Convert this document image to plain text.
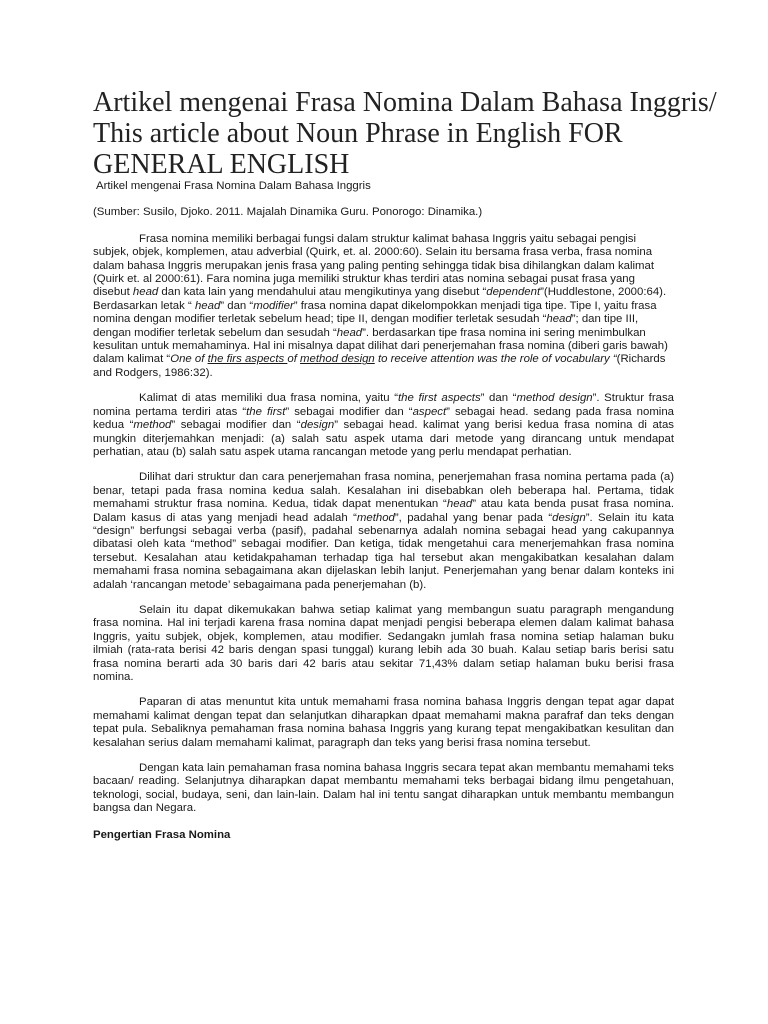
Artikel mengenai Frasa Nomina Dalam Bahasa Inggris/ This article about Noun Phrase in English FOR GENERAL ENGLISH

Artikel mengenai Frasa Nomina Dalam Bahasa Inggris

(Sumber: Susilo, Djoko. 2011. Majalah Dinamika Guru. Ponorogo: Dinamika.)

Frasa nomina memiliki berbagai fungsi dalam struktur kalimat bahasa Inggris yaitu sebagai pengisi subjek, objek, komplemen, atau adverbial (Quirk, et. al. 2000:60). Selain itu bersama frasa verba, frasa nomina dalam bahasa Inggris merupakan jenis frasa yang paling penting sehingga tidak bisa dihilangkan dalam kalimat (Quirk et. al 2000:61). Fara nomina juga memiliki struktur khas terdiri atas nomina sebagai pusat frasa yang disebut head dan kata lain yang mendahului atau mengikutinya yang disebut “dependent”(Huddlestone, 2000:64). Berdasarkan letak “ head” dan “modifier” frasa nomina dapat dikelompokkan menjadi tiga tipe. Tipe I, yaitu frasa nomina dengan modifier terletak sebelum head; tipe II, dengan modifier terletak sesudah “head”; dan tipe III, dengan modifier terletak sebelum dan sesudah “head”. berdasarkan tipe frasa nomina ini sering menimbulkan kesulitan untuk memahaminya. Hal ini misalnya dapat dilihat dari penerjemahan frasa nomina (diberi garis bawah) dalam kalimat “One of the firs aspects of method design to receive attention was the role of vocabulary “(Richards and Rodgers, 1986:32).

Kalimat di atas memiliki dua frasa nomina, yaitu “the first aspects” dan “method design”. Struktur frasa nomina pertama terdiri atas “the first” sebagai modifier dan “aspect” sebagai head. sedang pada frasa nomina kedua “method” sebagai modifier dan “design” sebagai head. kalimat yang berisi kedua frasa nomina di atas mungkin diterjemahkan menjadi: (a) salah satu aspek utama dari metode yang dirancang untuk mendapat perhatian, atau (b) salah satu aspek utama rancangan metode yang perlu mendapat perhatian.

Dilihat dari struktur dan cara penerjemahan frasa nomina, penerjemahan frasa nomina pertama pada (a) benar, tetapi pada frasa nomina kedua salah. Kesalahan ini disebabkan oleh beberapa hal. Pertama, tidak memahami struktur frasa nomina. Kedua, tidak dapat menentukan “head” atau kata benda pusat frasa nomina. Dalam kasus di atas yang menjadi head adalah “method”, padahal yang benar pada “design”. Selain itu kata “design” berfungsi sebagai verba (pasif), padahal sebenarnya adalah nomina sebagai head yang cakupannya dibatasi oleh kata “method” sebagai modifier. Dan ketiga, tidak mengetahui cara menerjemahkan frasa nomina tersebut. Kesalahan atau ketidakpahaman terhadap tiga hal tersebut akan mengakibatkan kesalahan dalam memahami frasa nomina sebagaimana akan dijelaskan lebih lanjut. Penerjemahan yang benar dalam konteks ini adalah ‘rancangan metode’ sebagaimana pada penerjemahan (b).

Selain itu dapat dikemukakan bahwa setiap kalimat yang membangun suatu paragraph mengandung frasa nomina. Hal ini terjadi karena frasa nomina dapat menjadi pengisi beberapa elemen dalam kalimat bahasa Inggris, yaitu subjek, objek, komplemen, atau modifier. Sedangakn jumlah frasa nomina setiap halaman buku ilmiah (rata-rata berisi 42 baris dengan spasi tunggal) kurang lebih ada 30 buah. Kalau setiap baris berisi satu frasa nomina berarti ada 30 baris dari 42 baris atau sekitar 71,43% dalam setiap halaman buku berisi frasa nomina.

Paparan di atas menuntut kita untuk memahami frasa nomina bahasa Inggris dengan tepat agar dapat memahami kalimat dengan tepat dan selanjutkan diharapkan dpaat memahami makna parafraf dan teks dengan tepat pula. Sebaliknya pemahaman frasa nomina bahasa Inggris yang kurang tepat mengakibatkan kesulitan dan kesalahan serius dalam memahami kalimat, paragraph dan teks yang berisi frasa nomina tersebut.

Dengan kata lain pemahaman frasa nomina bahasa Inggris secara tepat akan membantu memahami teks bacaan/ reading. Selanjutnya diharapkan dapat membantu memahami teks berbagai bidang ilmu pengetahuan, teknologi, social, budaya, seni, dan lain-lain. Dalam hal ini tentu sangat diharapkan untuk membantu membangun bangsa dan Negara.

Pengertian Frasa Nomina
